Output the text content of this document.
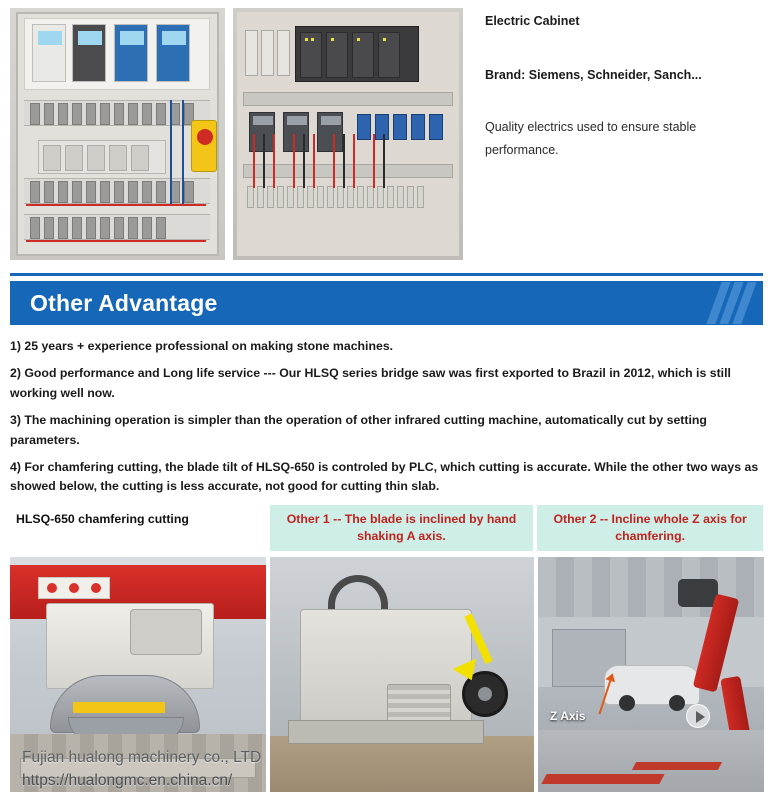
Electric Cabinet
Brand: Siemens, Schneider, Sanch...
Quality electrics used to ensure stable performance.
Other Advantage

1) 25 years + experience professional on making stone machines.

2) Good performance and Long life service --- Our HLSQ series bridge saw was first exported to Brazil in 2012, which is still working well now.

3) The machining operation is simpler than the operation of other infrared cutting machine, automatically cut by setting parameters.

4) For chamfering cutting, the blade tilt of HLSQ-650 is controled by PLC, which cutting is accurate. While the other two ways as showed below, the cutting is less accurate, not good for cutting thin slab.

HLSQ-650 chamfering cutting	Other 1 -- The blade is inclined by hand shaking A axis.
Other 2 -- Incline whole Z axis for chamfering.
Z Axis
Fujian hualong machinery co., LTD
https://hualongmc.en.china.cn/
